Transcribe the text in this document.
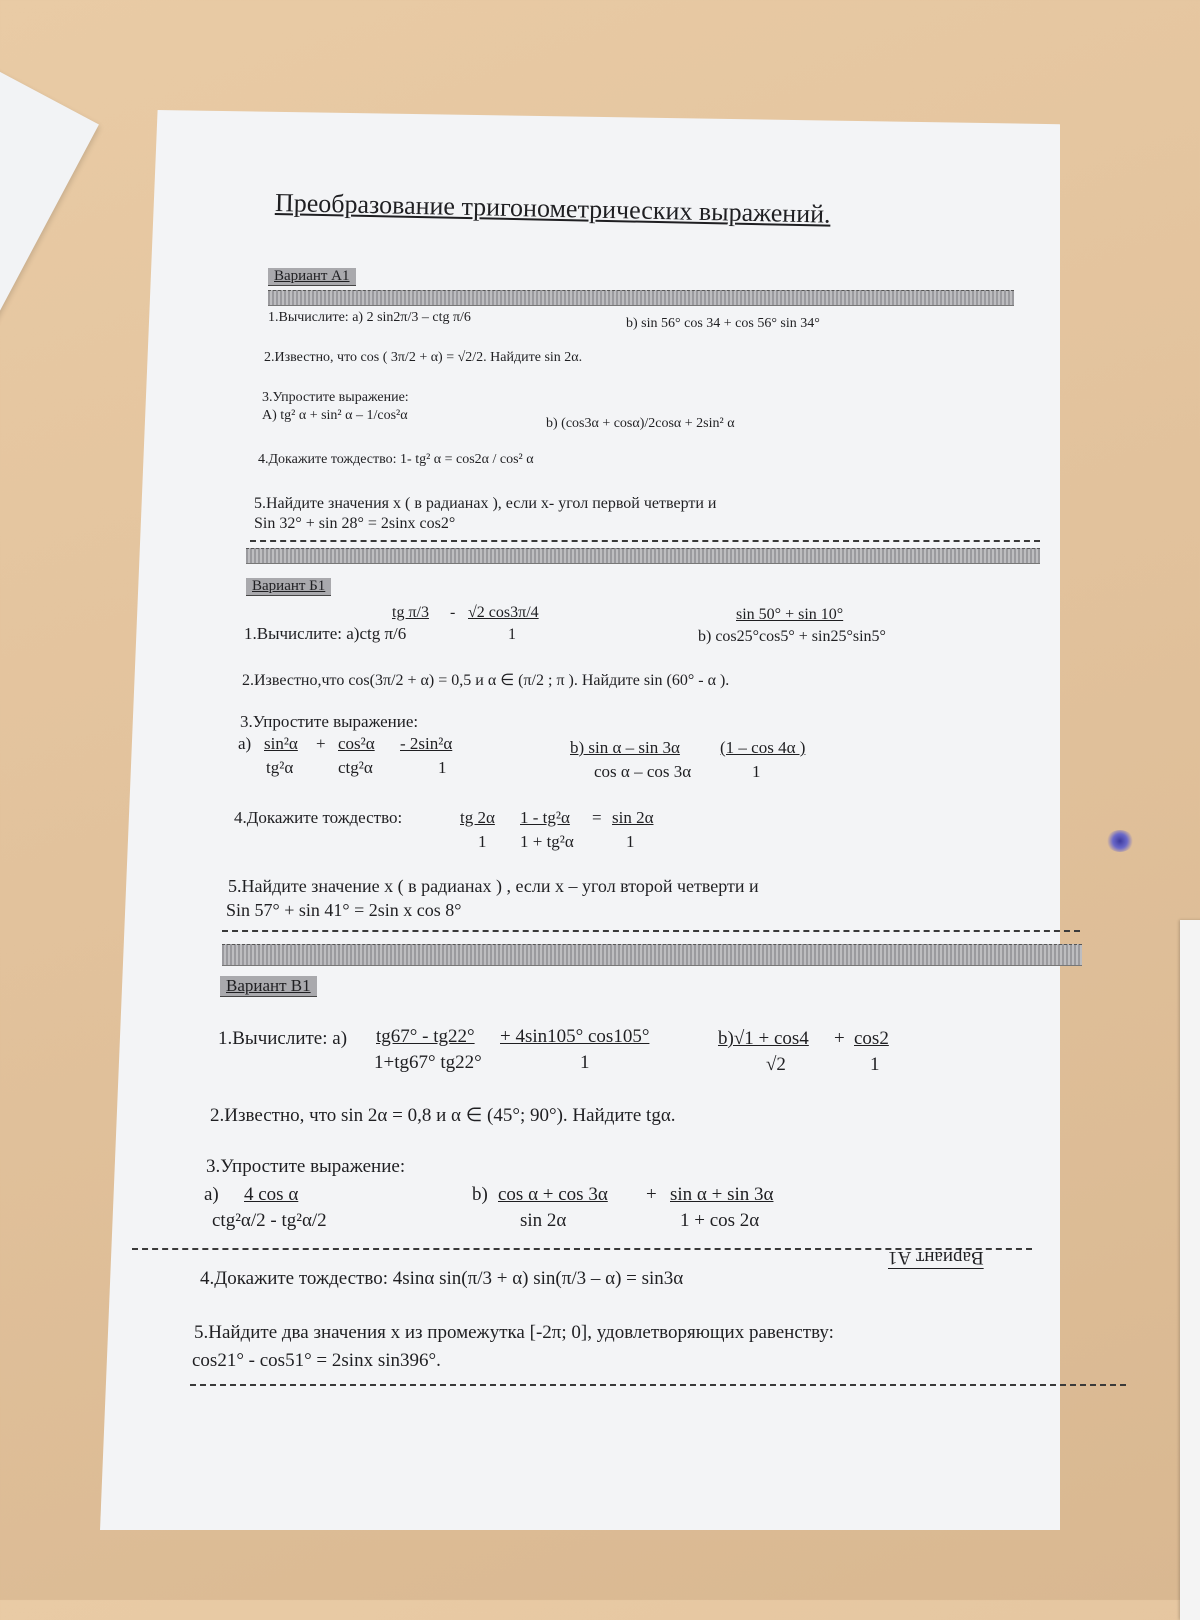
Преобразование тригонометрических выражений.
Вариант А1
1.Вычислите: a) 2 sin2π/3 – ctg π/6	b) sin 56° cos 34 + cos 56° sin 34°
2.Известно, что cos ( 3π/2 + α) = √2/2. Найдите sin 2α.
3.Упростите выражение:
A) tg² α + sin² α – 1/cos²α
b) (cos3α + cosα)/2cosα + 2sin² α
4.Докажите тождество: 1- tg² α = cos2α / cos² α
5.Найдите значения x ( в радианах ), если x- угол первой четверти и
Sin 32° + sin 28° = 2sinx cos2°
Вариант Б1
tg π/3 - √2 cos3π/4
1.Вычислите: a)ctg π/6	1
sin 50° + sin 10°
b) cos25°cos5° + sin25°sin5°
2.Известно,что cos(3π/2 + α) = 0,5 и α ∈ (π/2 ; π ). Найдите sin (60° - α ).
3.Упростите выражение:
a) sin²α + cos²α - 2sin²α
tg²α	ctg²α	1
b) sin α – sin 3α (1 – cos 4α )
cos α – cos 3α	1
4.Докажите тождество:	tg 2α 1 - tg²α = sin 2α
1 1 + tg²α	1
5.Найдите значение x ( в радианах ) , если x – угол второй четверти и
Sin 57° + sin 41° = 2sin x cos 8°
Вариант В1
1.Вычислите: a) tg67° - tg22° + 4sin105° cos105°
1+tg67° tg22°	1
b)√1 + cos4 + cos2
√2	1
2.Известно, что sin 2α = 0,8 и α ∈ (45°; 90°). Найдите tgα.
3.Упростите выражение:
a) 4 cos α
ctg²α/2 - tg²α/2
b) cos α + cos 3α + sin α + sin 3α
sin 2α	1 + cos 2α
4.Докажите тождество: 4sinα sin(π/3 + α) sin(π/3 – α) = sin3α
Вариант А1
5.Найдите два значения x из промежутка [-2π; 0], удовлетворяющих равенству:
cos21° - cos51° = 2sinx sin396°.
